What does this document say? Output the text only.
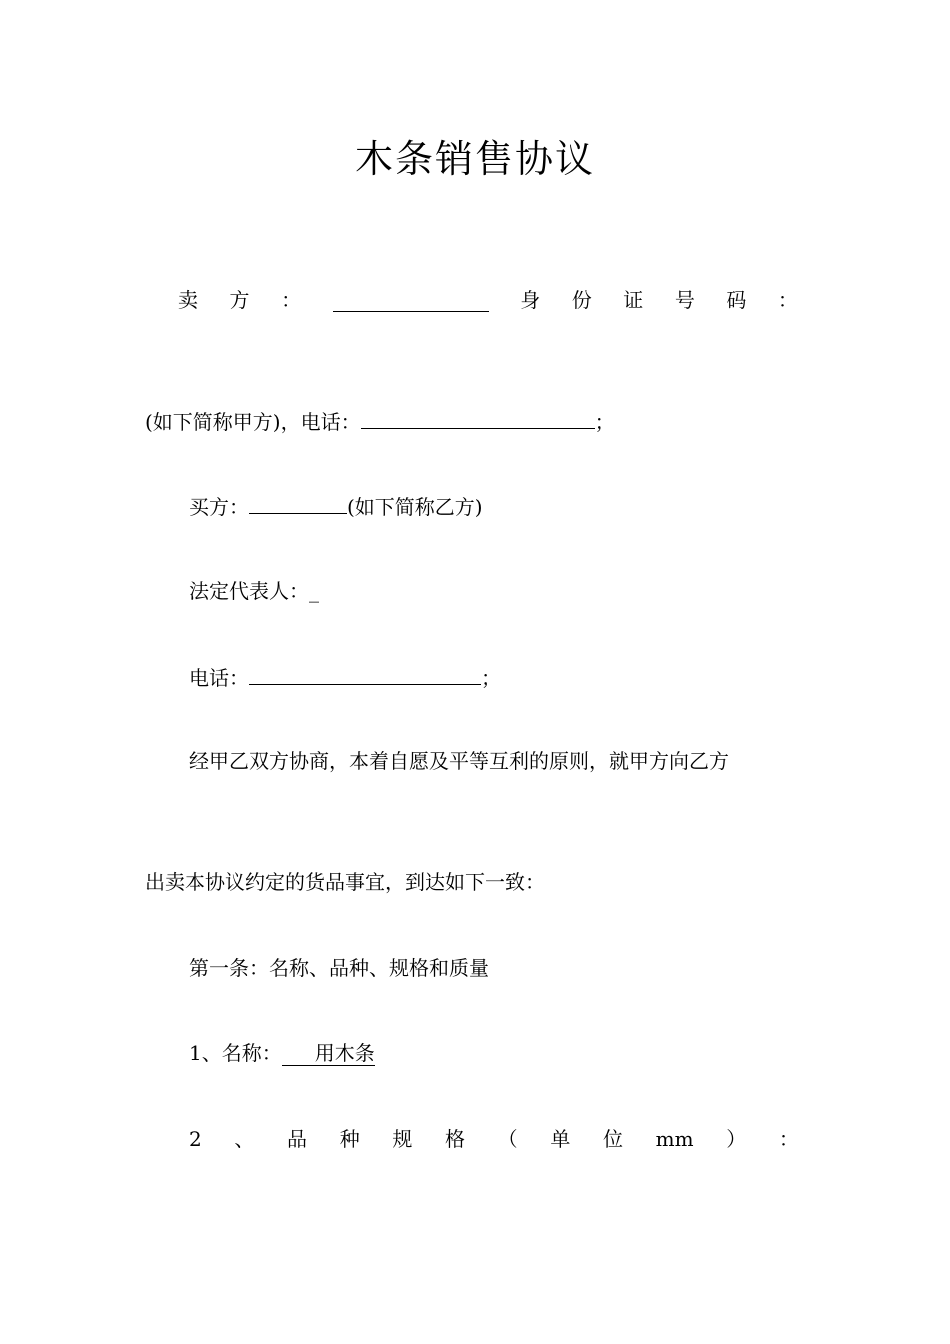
木条销售协议
卖 方 ：	身 份 证 号 码 ：
(如下简称甲方)，电话：	；
买方：	(如下简称乙方)
法定代表人：_
电话：	；
经甲乙双方协商，本着自愿及平等互利的原则，就甲方向乙方
出卖本协议约定的货品事宜，到达如下一致：
第一条：名称、品种、规格和质量
1、名称： 用木条
2 、 品 种 规 格 （ 单 位 mm ） ：
